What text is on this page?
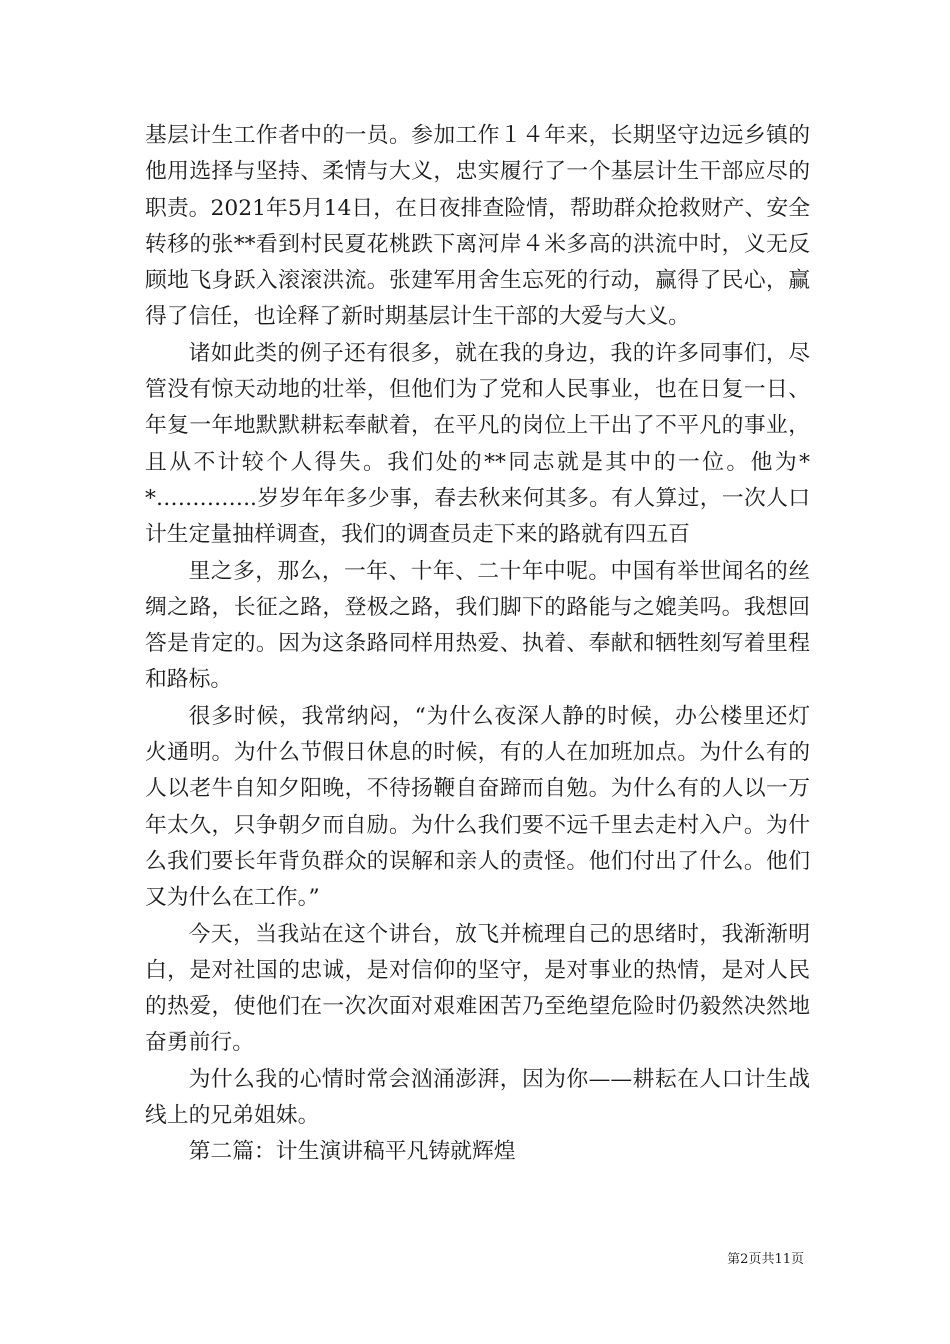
基层计生工作者中的一员。参加工作１４年来，长期坚守边远乡镇的他用选择与坚持、柔情与大义，忠实履行了一个基层计生干部应尽的职责。2021年5月14日，在日夜排查险情，帮助群众抢救财产、安全转移的张**看到村民夏花桃跌下离河岸４米多高的洪流中时，义无反顾地飞身跃入滚滚洪流。张建军用舍生忘死的行动，赢得了民心，赢得了信任，也诠释了新时期基层计生干部的大爱与大义。

诸如此类的例子还有很多，就在我的身边，我的许多同事们，尽管没有惊天动地的壮举，但他们为了党和人民事业，也在日复一日、年复一年地默默耕耘奉献着，在平凡的岗位上干出了不平凡的事业，且从不计较个人得失。我们处的**同志就是其中的一位。他为**…………..岁岁年年多少事，春去秋来何其多。有人算过，一次人口计生定量抽样调查，我们的调查员走下来的路就有四五百

里之多，那么，一年、十年、二十年中呢。中国有举世闻名的丝绸之路，长征之路，登极之路，我们脚下的路能与之媲美吗。我想回答是肯定的。因为这条路同样用热爱、执着、奉献和牺牲刻写着里程和路标。

很多时候，我常纳闷，“为什么夜深人静的时候，办公楼里还灯火通明。为什么节假日休息的时候，有的人在加班加点。为什么有的人以老牛自知夕阳晚，不待扬鞭自奋蹄而自勉。为什么有的人以一万年太久，只争朝夕而自励。为什么我们要不远千里去走村入户。为什么我们要长年背负群众的误解和亲人的责怪。他们付出了什么。他们又为什么在工作。”

今天，当我站在这个讲台，放飞并梳理自己的思绪时，我渐渐明白，是对社国的忠诚，是对信仰的坚守，是对事业的热情，是对人民的热爱，使他们在一次次面对艰难困苦乃至绝望危险时仍毅然决然地奋勇前行。

为什么我的心情时常会汹涌澎湃，因为你——耕耘在人口计生战线上的兄弟姐妹。

第二篇：计生演讲稿平凡铸就辉煌

第2页共11页
